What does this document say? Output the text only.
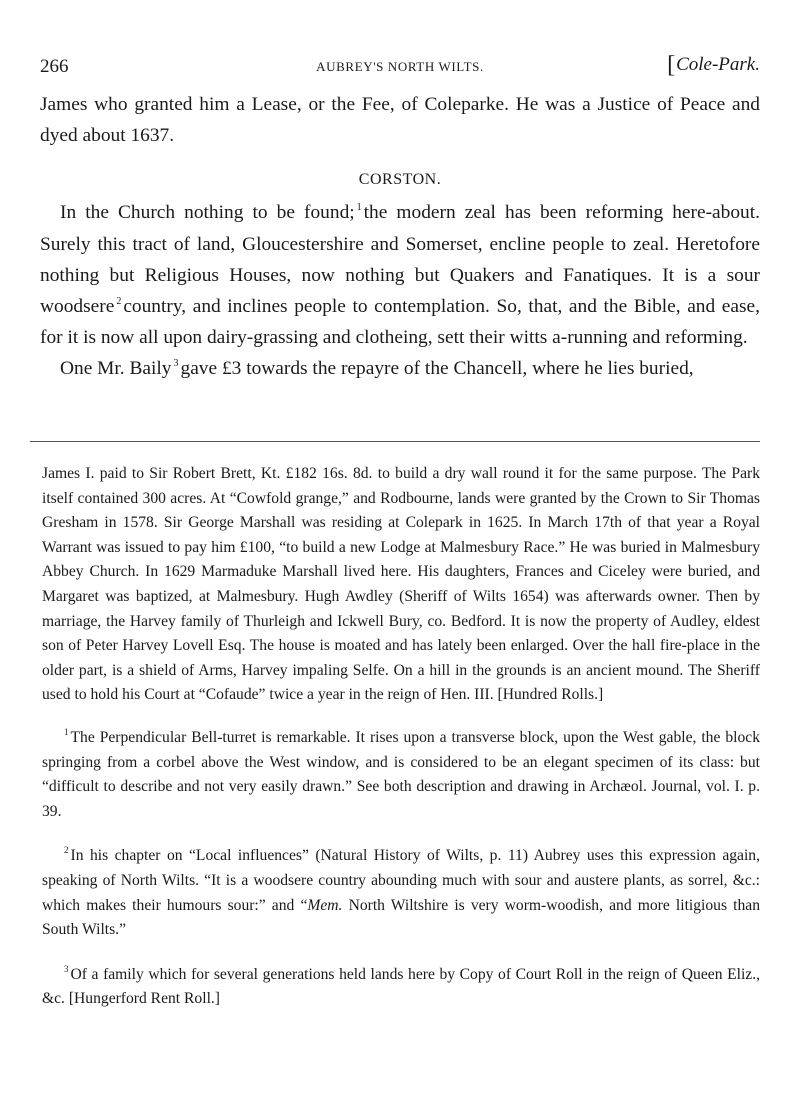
266	AUBREY'S NORTH WILTS.	[Cole-Park.

James who granted him a Lease, or the Fee, of Coleparke. He was a Justice of Peace and dyed about 1637.

CORSTON.

In the Church nothing to be found; $^1$ the modern zeal has been reforming here-about. Surely this tract of land, Gloucestershire and Somerset, encline people to zeal. Heretofore nothing but Religious Houses, now nothing but Quakers and Fanatiques. It is a sour woodsere $^2$ country, and inclines people to contemplation. So, that, and the Bible, and ease, for it is now all upon dairy-grassing and clotheing, sett their witts a-running and reforming.

One Mr. Baily $^3$ gave £3 towards the repayre of the Chancell, where he lies buried,

James I. paid to Sir Robert Brett, Kt. £182 16s. 8d. to build a dry wall round it for the same purpose. The Park itself contained 300 acres. At “Cowfold grange,” and Rodbourne, lands were granted by the Crown to Sir Thomas Gresham in 1578. Sir George Marshall was residing at Colepark in 1625. In March 17th of that year a Royal Warrant was issued to pay him £100, “to build a new Lodge at Malmesbury Race.” He was buried in Malmesbury Abbey Church. In 1629 Marmaduke Marshall lived here. His daughters, Frances and Ciceley were buried, and Margaret was baptized, at Malmesbury. Hugh Awdley (Sheriff of Wilts 1654) was afterwards owner. Then by marriage, the Harvey family of Thurleigh and Ickwell Bury, co. Bedford. It is now the property of Audley, eldest son of Peter Harvey Lovell Esq. The house is moated and has lately been enlarged. Over the hall fire-place in the older part, is a shield of Arms, Harvey impaling Selfe. On a hill in the grounds is an ancient mound. The Sheriff used to hold his Court at “Cofaude” twice a year in the reign of Hen. III. [Hundred Rolls.]

$^1$ The Perpendicular Bell-turret is remarkable. It rises upon a transverse block, upon the West gable, the block springing from a corbel above the West window, and is considered to be an elegant specimen of its class: but “difficult to describe and not very easily drawn.” See both description and drawing in Archæol. Journal, vol. I. p. 39.

$^2$ In his chapter on “Local influences” (Natural History of Wilts, p. 11) Aubrey uses this expression again, speaking of North Wilts. “It is a woodsere country abounding much with sour and austere plants, as sorrel, &c.: which makes their humours sour:” and “Mem. North Wiltshire is very worm-woodish, and more litigious than South Wilts.”

$^3$ Of a family which for several generations held lands here by Copy of Court Roll in the reign of Queen Eliz., &c. [Hungerford Rent Roll.]
